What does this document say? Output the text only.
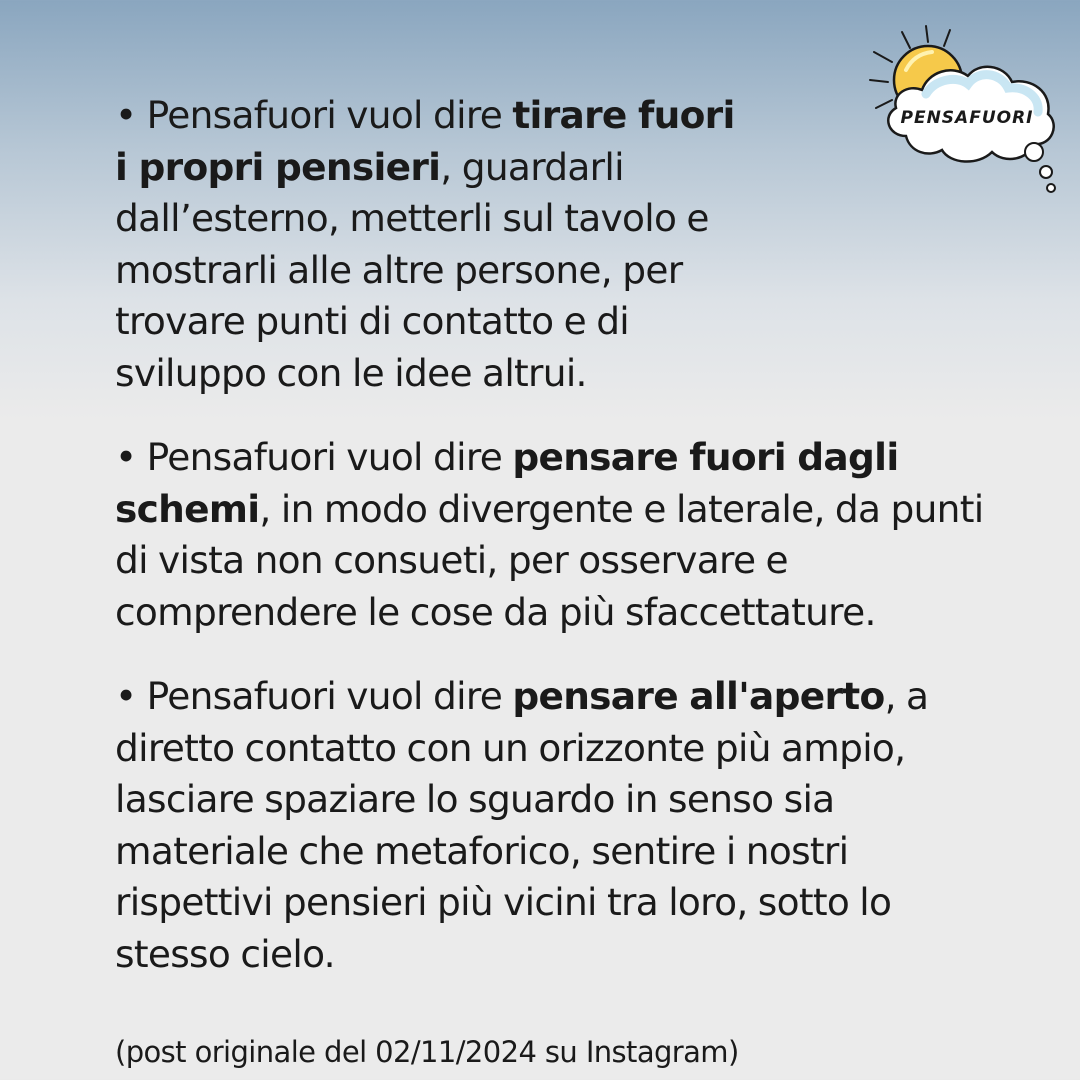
PENSAFUORI

• Pensafuori vuol dire tirare fuori i propri pensieri, guardarli dall’esterno, metterli sul tavolo e mostrarli alle altre persone, per trovare punti di contatto e di sviluppo con le idee altrui.

• Pensafuori vuol dire pensare fuori dagli schemi, in modo divergente e laterale, da punti di vista non consueti, per osservare e comprendere le cose da più sfaccettature.

• Pensafuori vuol dire pensare all'aperto, a diretto contatto con un orizzonte più ampio, lasciare spaziare lo sguardo in senso sia materiale che metaforico, sentire i nostri rispettivi pensieri più vicini tra loro, sotto lo stesso cielo.

(post originale del 02/11/2024 su Instagram)
